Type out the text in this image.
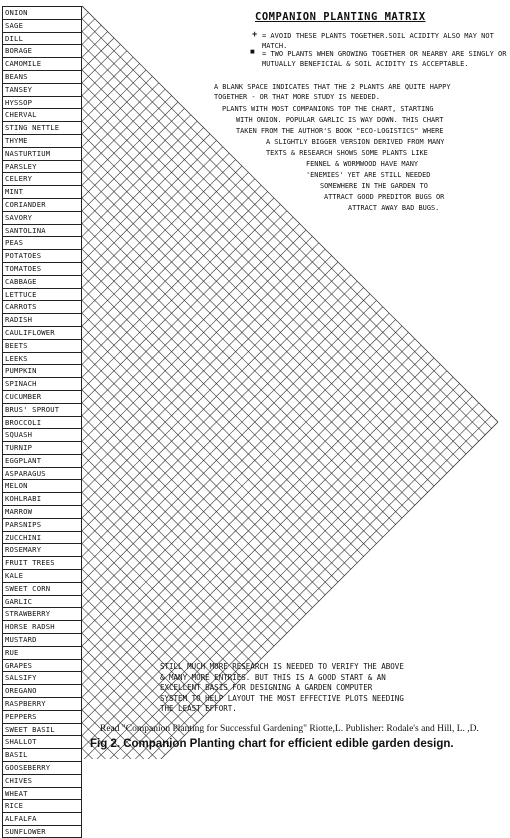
ONION
SAGE
DILL
BORAGE
CAMOMILE
BEANS
TANSEY
HYSSOP
CHERVAL
STING NETTLE
THYME
NASTURTIUM
PARSLEY
CELERY
MINT
CORIANDER
SAVORY
SANTOLINA
PEAS
POTATOES
TOMATOES
CABBAGE
LETTUCE
CARROTS
RADISH
CAULIFLOWER
BEETS
LEEKS
PUMPKIN
SPINACH
CUCUMBER
BRUS' SPROUT
BROCCOLI
SQUASH
TURNIP
EGGPLANT
ASPARAGUS
MELON
KOHLRABI
MARROW
PARSNIPS
ZUCCHINI
ROSEMARY
FRUIT TREES
KALE
SWEET CORN
GARLIC
STRAWBERRY
HORSE RADSH
MUSTARD
RUE
GRAPES
SALSIFY
OREGANO
RASPBERRY
PEPPERS
SWEET BASIL
SHALLOT
BASIL
GOOSEBERRY
CHIVES
WHEAT
RICE
ALFALFA
SUNFLOWER
COMPANION PLANTING MATRIX
+ = AVOID THESE PLANTS TOGETHER.SOIL ACIDITY ALSO MAY NOT MATCH.
■ = TWO PLANTS WHEN GROWING TOGETHER OR NEARBY ARE SINGLY OR
MUTUALLY BENEFICIAL & SOIL ACIDITY IS ACCEPTABLE.
A BLANK SPACE INDICATES THAT THE 2 PLANTS ARE QUITE HAPPY
TOGETHER - OR THAT MORE STUDY IS NEEDED.
PLANTS WITH MOST COMPANIONS TOP THE CHART, STARTING
WITH ONION. POPULAR GARLIC IS WAY DOWN. THIS CHART
TAKEN FROM THE AUTHOR'S BOOK "ECO-LOGISTICS" WHERE
A SLIGHTLY BIGGER VERSION DERIVED FROM MANY
TEXTS & RESEARCH SHOWS SOME PLANTS LIKE
FENNEL & WORMWOOD HAVE MANY
'ENEMIES' YET ARE STILL NEEDED
SOMEWHERE IN THE GARDEN TO
ATTRACT GOOD PREDITOR BUGS OR
ATTRACT AWAY BAD BUGS.
STILL MUCH MORE RESEARCH IS NEEDED TO VERIFY THE ABOVE
& MANY MORE ENTRIES. BUT THIS IS A GOOD START & AN
EXCELLENT BASIS FOR DESIGNING A GARDEN COMPUTER
SYSTEM TO HELP LAYOUT THE MOST EFFECTIVE PLOTS NEEDING
THE LEAST EFFORT.
Read "Companion Planting for Successful Gardening" Riotte,L. Publisher: Rodale's and Hill, L. ,D.
Fig 2. Companion Planting chart for efficient edible garden design.
